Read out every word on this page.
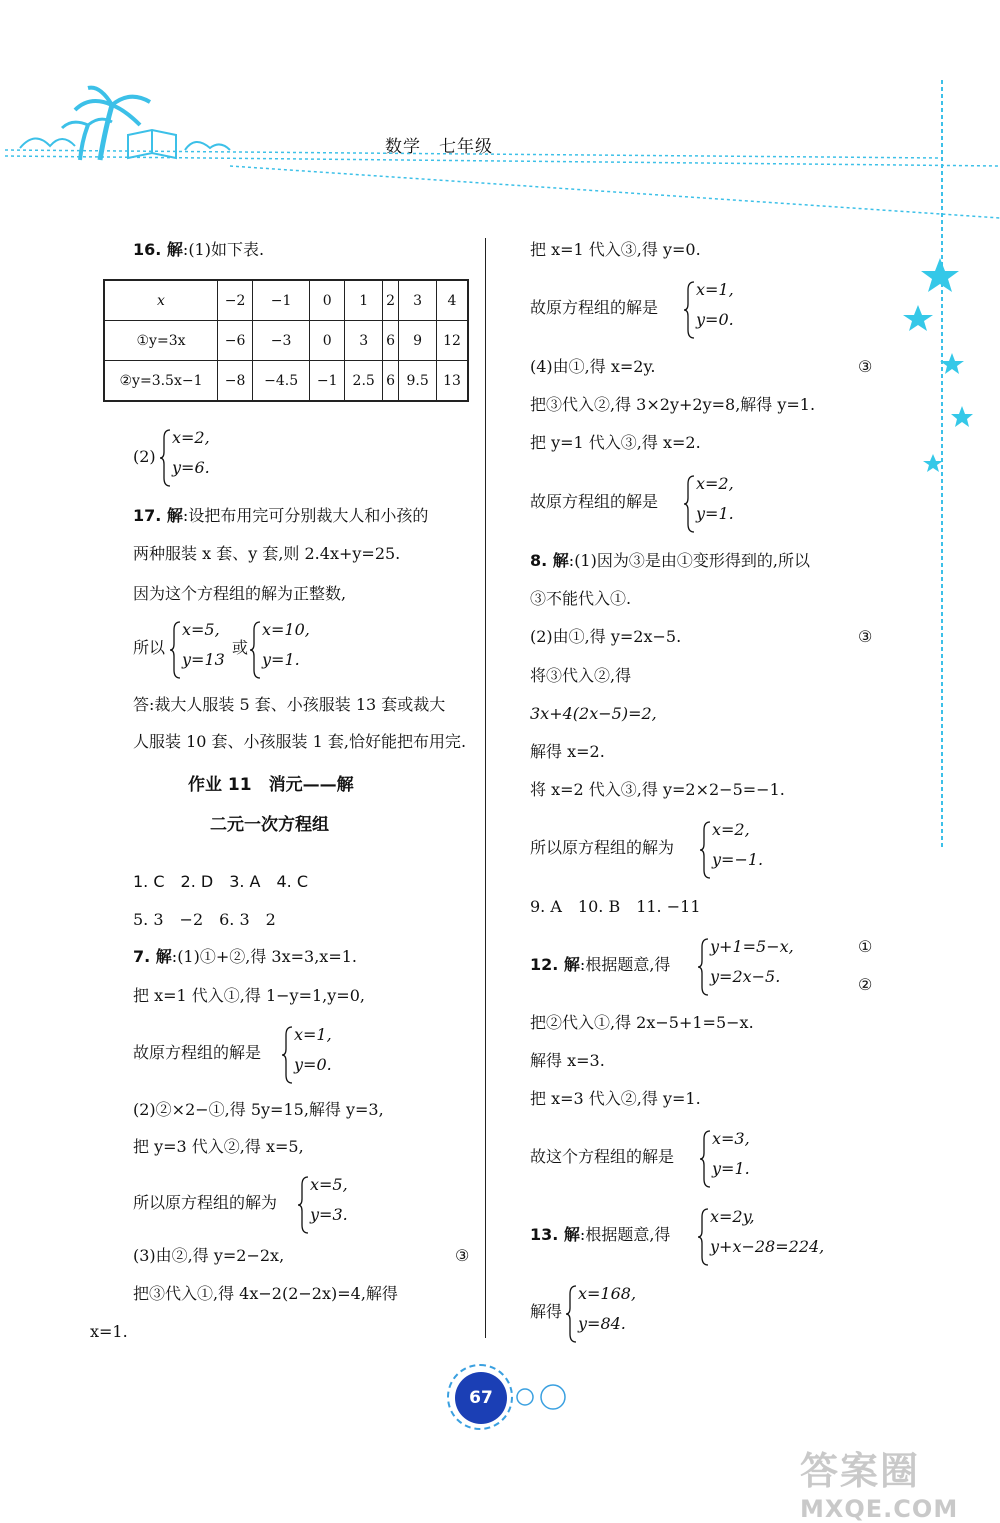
数学　七年级
16. 解:(1)如下表.
x	−2	−1	0	1	2	3	4
①y=3x	−6	−3	0	3	6	9	12
②y=3.5x−1	−8	−4.5	−1	2.5	6	9.5	13
(2)
x=2,
y=6.
17. 解:设把布用完可分别裁大人和小孩的
两种服装 x 套、y 套,则 2.4x+y=25.
因为这个方程组的解为正整数,
所以
x=5,
y=13
或
x=10,
y=1.
答:裁大人服装 5 套、小孩服装 13 套或裁大
人服装 10 套、小孩服装 1 套,恰好能把布用完.
作业 11　消元——解
二元一次方程组
1. C　2. D　3. A　4. C
5. 3　−2　6. 3　2
7. 解:(1)①+②,得 3x=3,x=1.
把 x=1 代入①,得 1−y=1,y=0,
故原方程组的解是
x=1,
y=0.
(2)②×2−①,得 5y=15,解得 y=3,
把 y=3 代入②,得 x=5,
所以原方程组的解为
x=5,
y=3.
(3)由②,得 y=2−2x,	③
把③代入①,得 4x−2(2−2x)=4,解得
x=1.
把 x=1 代入③,得 y=0.
故原方程组的解是
x=1,
y=0.
(4)由①,得 x=2y.	③
把③代入②,得 3×2y+2y=8,解得 y=1.
把 y=1 代入③,得 x=2.
故原方程组的解是
x=2,
y=1.
8. 解:(1)因为③是由①变形得到的,所以
③不能代入①.
(2)由①,得 y=2x−5.	③
将③代入②,得
3x+4(2x−5)=2,
解得 x=2.
将 x=2 代入③,得 y=2×2−5=−1.
所以原方程组的解为
x=2,
y=−1.
9. A　10. B　11. −11
12. 解:根据题意,得
y+1=5−x,
y=2x−5.
①
②
把②代入①,得 2x−5+1=5−x.
解得 x=3.
把 x=3 代入②,得 y=1.
故这个方程组的解是
x=3,
y=1.
13. 解:根据题意,得
x=2y,
y+x−28=224,
解得
x=168,
y=84.
67
答案圈
MXQE.COM
